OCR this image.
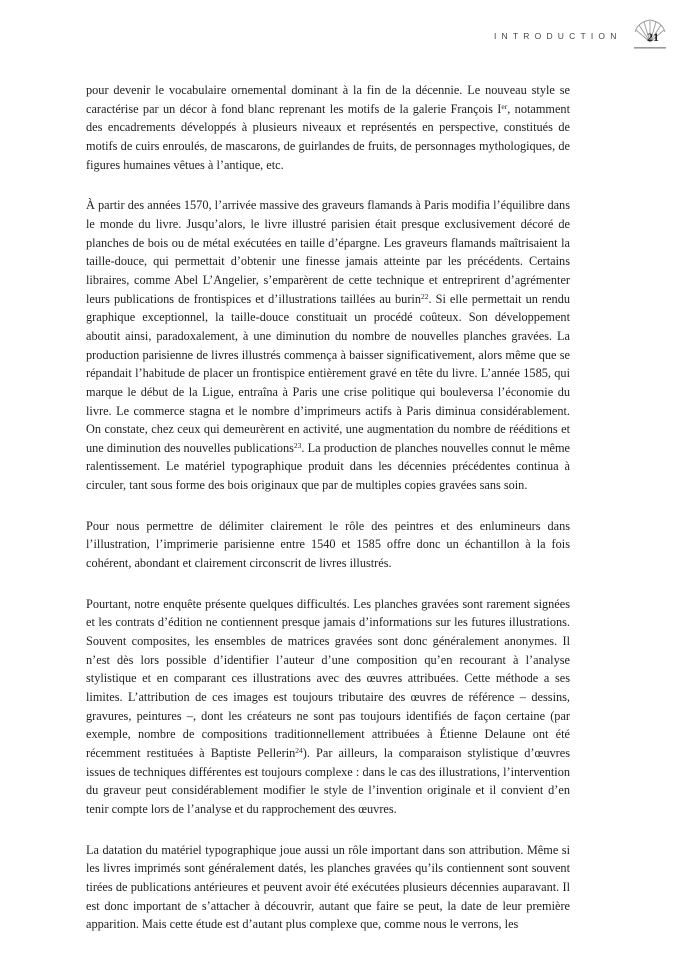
INTRODUCTION	21

pour devenir le vocabulaire ornemental dominant à la fin de la décennie. Le nouveau style se caractérise par un décor à fond blanc reprenant les motifs de la galerie François Ier, notamment des encadrements développés à plusieurs niveaux et représentés en perspective, constitués de motifs de cuirs enroulés, de mascarons, de guirlandes de fruits, de personnages mythologiques, de figures humaines vêtues à l’antique, etc.

À partir des années 1570, l’arrivée massive des graveurs flamands à Paris modifia l’équilibre dans le monde du livre. Jusqu’alors, le livre illustré parisien était presque exclusivement décoré de planches de bois ou de métal exécutées en taille d’épargne. Les graveurs flamands maîtrisaient la taille-douce, qui permettait d’obtenir une finesse jamais atteinte par les précédents. Certains libraires, comme Abel L’Angelier, s’emparèrent de cette technique et entreprirent d’agrémenter leurs publications de frontispices et d’illustrations taillées au burin$^{22}$. Si elle permettait un rendu graphique exceptionnel, la taille-douce constituait un procédé coûteux. Son développement aboutit ainsi, paradoxalement, à une diminution du nombre de nouvelles planches gravées. La production parisienne de livres illustrés commença à baisser significativement, alors même que se répandait l’habitude de placer un frontispice entièrement gravé en tête du livre. L’année 1585, qui marque le début de la Ligue, entraîna à Paris une crise politique qui bouleversa l’économie du livre. Le commerce stagna et le nombre d’imprimeurs actifs à Paris diminua considérablement. On constate, chez ceux qui demeurèrent en activité, une augmentation du nombre de rééditions et une diminution des nouvelles publications$^{23}$. La production de planches nouvelles connut le même ralentissement. Le matériel typographique produit dans les décennies précédentes continua à circuler, tant sous forme des bois originaux que par de multiples copies gravées sans soin.

Pour nous permettre de délimiter clairement le rôle des peintres et des enlumineurs dans l’illustration, l’imprimerie parisienne entre 1540 et 1585 offre donc un échantillon à la fois cohérent, abondant et clairement circonscrit de livres illustrés.

Pourtant, notre enquête présente quelques difficultés. Les planches gravées sont rarement signées et les contrats d’édition ne contiennent presque jamais d’informations sur les futures illustrations. Souvent composites, les ensembles de matrices gravées sont donc généralement anonymes. Il n’est dès lors possible d’identifier l’auteur d’une composition qu’en recourant à l’analyse stylistique et en comparant ces illustrations avec des œuvres attribuées. Cette méthode a ses limites. L’attribution de ces images est toujours tributaire des œuvres de référence – dessins, gravures, peintures –, dont les créateurs ne sont pas toujours identifiés de façon certaine (par exemple, nombre de compositions traditionnellement attribuées à Étienne Delaune ont été récemment restituées à Baptiste Pellerin$^{24}$). Par ailleurs, la comparaison stylistique d’œuvres issues de techniques différentes est toujours complexe : dans le cas des illustrations, l’intervention du graveur peut considérablement modifier le style de l’invention originale et il convient d’en tenir compte lors de l’analyse et du rapprochement des œuvres.

La datation du matériel typographique joue aussi un rôle important dans son attribution. Même si les livres imprimés sont généralement datés, les planches gravées qu’ils contiennent sont souvent tirées de publications antérieures et peuvent avoir été exécutées plusieurs décennies auparavant. Il est donc important de s’attacher à découvrir, autant que faire se peut, la date de leur première apparition. Mais cette étude est d’autant plus complexe que, comme nous le verrons, les
